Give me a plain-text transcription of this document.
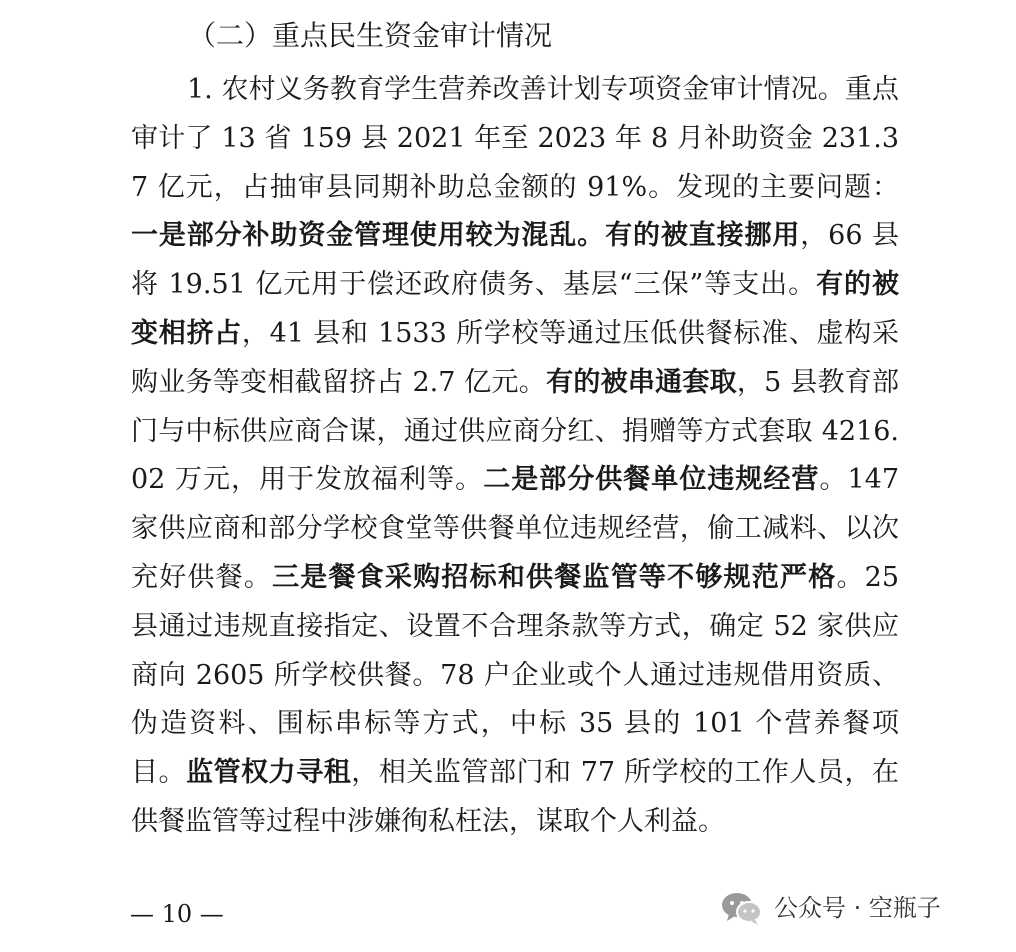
（二）重点民生资金审计情况

1. 农村义务教育学生营养改善计划专项资金审计情况。重点审计了 13 省 159 县 2021 年至 2023 年 8 月补助资金 231.37 亿元，占抽审县同期补助总金额的 91%。发现的主要问题：一是部分补助资金管理使用较为混乱。有的被直接挪用，66 县将 19.51 亿元用于偿还政府债务、基层“三保”等支出。有的被变相挤占，41 县和 1533 所学校等通过压低供餐标准、虚构采购业务等变相截留挤占 2.7 亿元。有的被串通套取，5 县教育部门与中标供应商合谋，通过供应商分红、捐赠等方式套取 4216.02 万元，用于发放福利等。二是部分供餐单位违规经营。147 家供应商和部分学校食堂等供餐单位违规经营，偷工减料、以次充好供餐。三是餐食采购招标和供餐监管等不够规范严格。25 县通过违规直接指定、设置不合理条款等方式，确定 52 家供应商向 2605 所学校供餐。78 户企业或个人通过违规借用资质、伪造资料、围标串标等方式，中标 35 县的 101 个营养餐项目。监管权力寻租，相关监管部门和 77 所学校的工作人员，在供餐监管等过程中涉嫌徇私枉法，谋取个人利益。

— 10 —	公众号 · 空瓶子
